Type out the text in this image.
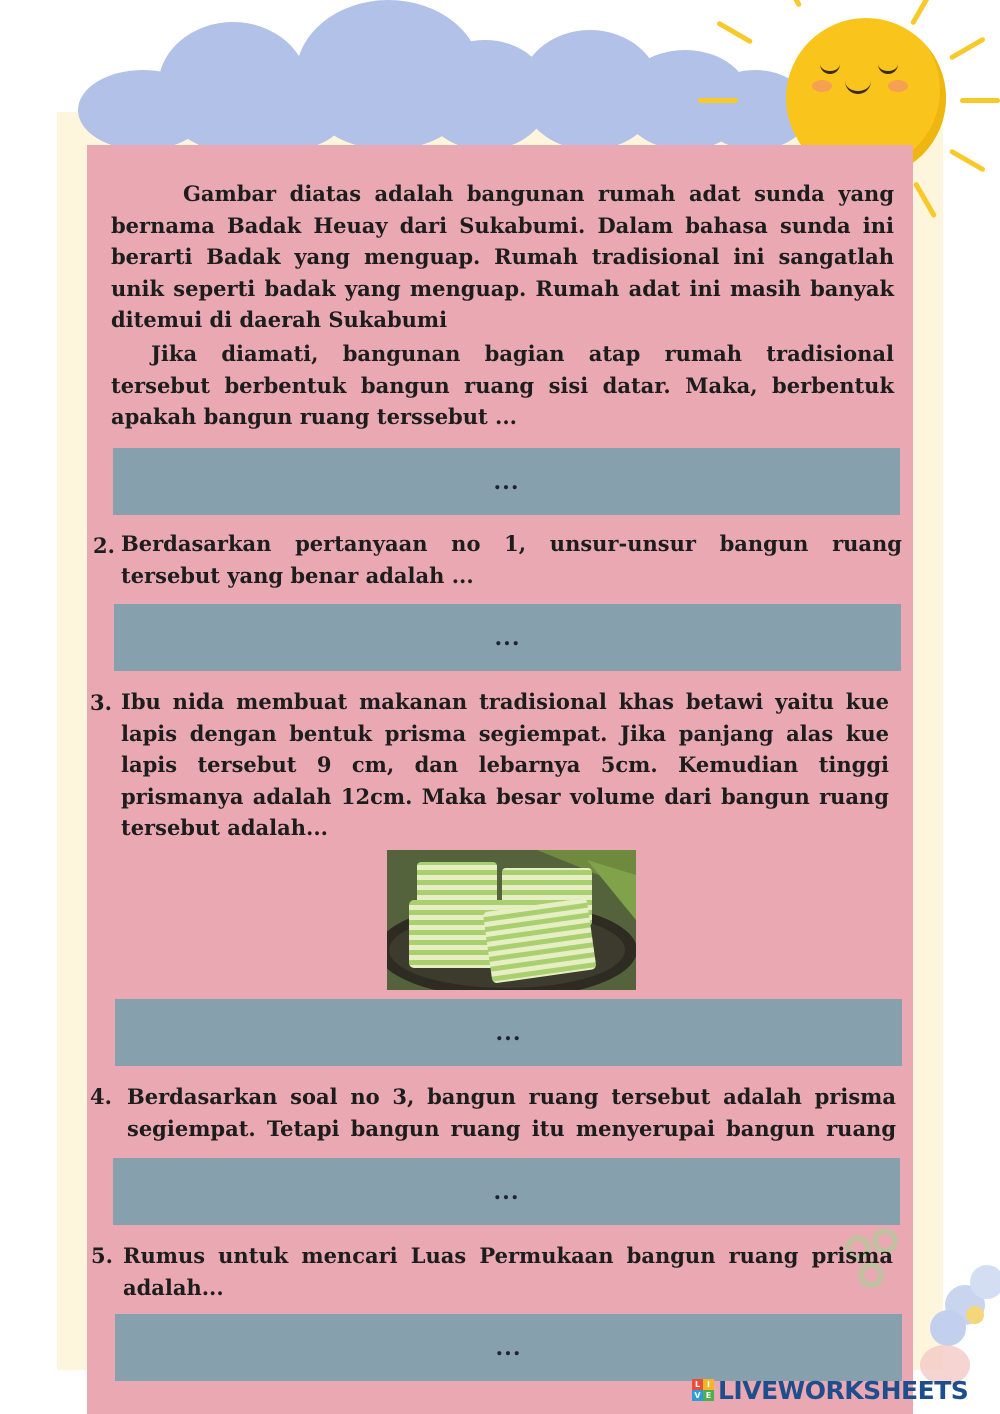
Gambar diatas adalah bangunan rumah adat sunda yang bernama Badak Heuay dari Sukabumi. Dalam bahasa sunda ini berarti Badak yang menguap. Rumah tradisional ini sangatlah unik seperti badak yang menguap. Rumah adat ini masih banyak ditemui di daerah Sukabumi

Jika diamati, bangunan bagian atap rumah tradisional tersebut berbentuk bangun ruang sisi datar. Maka, berbentuk apakah bangun ruang terssebut ...

...
2. Berdasarkan pertanyaan no 1, unsur-unsur bangun ruang tersebut yang benar adalah ...

...
3. Ibu nida membuat makanan tradisional khas betawi yaitu kue lapis dengan bentuk prisma segiempat. Jika panjang alas kue lapis tersebut 9 cm, dan lebarnya 5cm. Kemudian tinggi prismanya adalah 12cm. Maka besar volume dari bangun ruang tersebut adalah...

...
4. Berdasarkan soal no 3, bangun ruang tersebut adalah prisma segiempat. Tetapi bangun ruang itu menyerupai bangun ruang

...
5. Rumus untuk mencari Luas Permukaan bangun ruang prisma adalah...

...
L I
V E LIVEWORKSHEETS
